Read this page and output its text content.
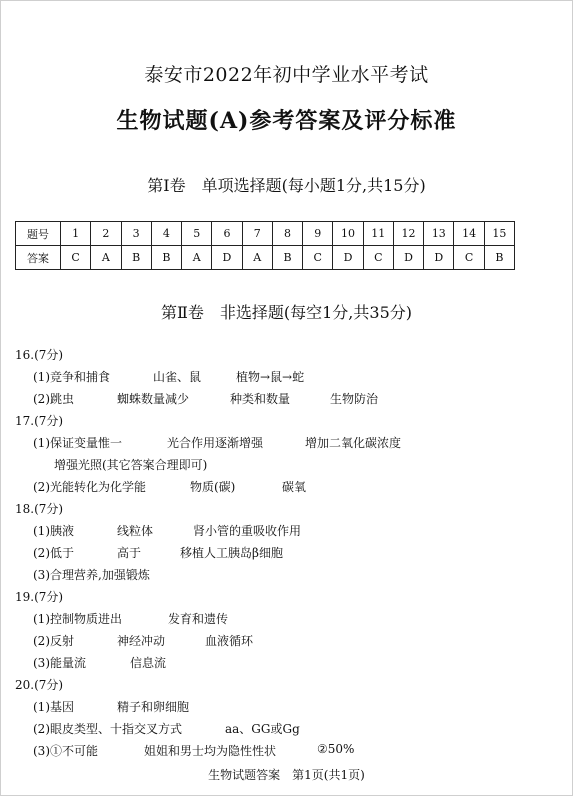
泰安市2022年初中学业水平考试
生物试题(A)参考答案及评分标准
第Ⅰ卷　单项选择题(每小题1分,共15分)
题号	1	2	3	4	5	6	7	8	9	10	11	12	13	14	15
答案	C	A	B	B	A	D	A	B	C	D	C	D	D	C	B
第Ⅱ卷　非选择题(每空1分,共35分)
16.(7分)
(1)竞争和捕食	山雀、鼠	植物→鼠→蛇
(2)跳虫	蜘蛛数量减少	种类和数量	生物防治
17.(7分)
(1)保证变量惟一	光合作用逐渐增强	增加二氧化碳浓度
增强光照(其它答案合理即可)
(2)光能转化为化学能	物质(碳)	碳氧
18.(7分)
(1)胰液	线粒体	肾小管的重吸收作用
(2)低于	高于	移植人工胰岛β细胞
(3)合理营养,加强锻炼
19.(7分)
(1)控制物质进出	发育和遗传
(2)反射	神经冲动	血液循环
(3)能量流	信息流
20.(7分)
(1)基因	精子和卵细胞
(2)眼皮类型、十指交叉方式	aa、GG或Gg
(3)①不可能	姐姐和男士均为隐性性状	②50%
生物试题答案　第1页(共1页)
